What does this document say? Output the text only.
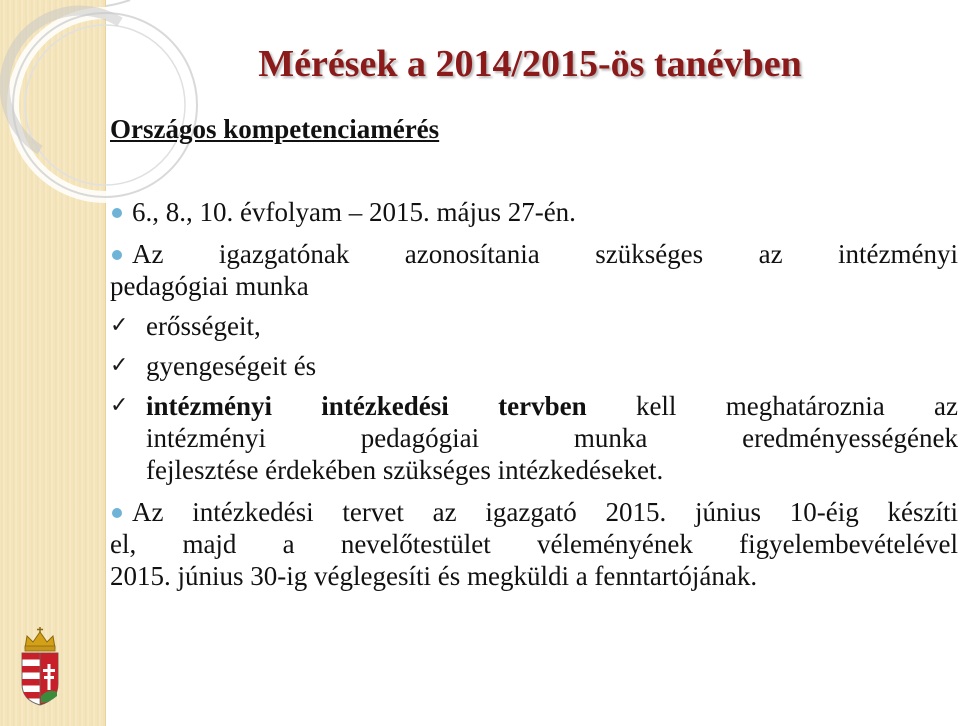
Mérések a 2014/2015-ös tanévben
Országos kompetenciamérés

6., 8., 10. évfolyam – 2015. május 27-én.

Az igazgatónak azonosítania szükséges az intézményi

pedagógiai munka

✓ erősségeit,

✓ gyengeségeit és

✓ intézményi intézkedési tervben kell meghatároznia az

intézményi pedagógiai munka eredményességének

fejlesztése érdekében szükséges intézkedéseket.

Az intézkedési tervet az igazgató 2015. június 10-éig készíti

el, majd a nevelőtestület véleményének figyelembevételével

2015. június 30-ig véglegesíti és megküldi a fenntartójának.
